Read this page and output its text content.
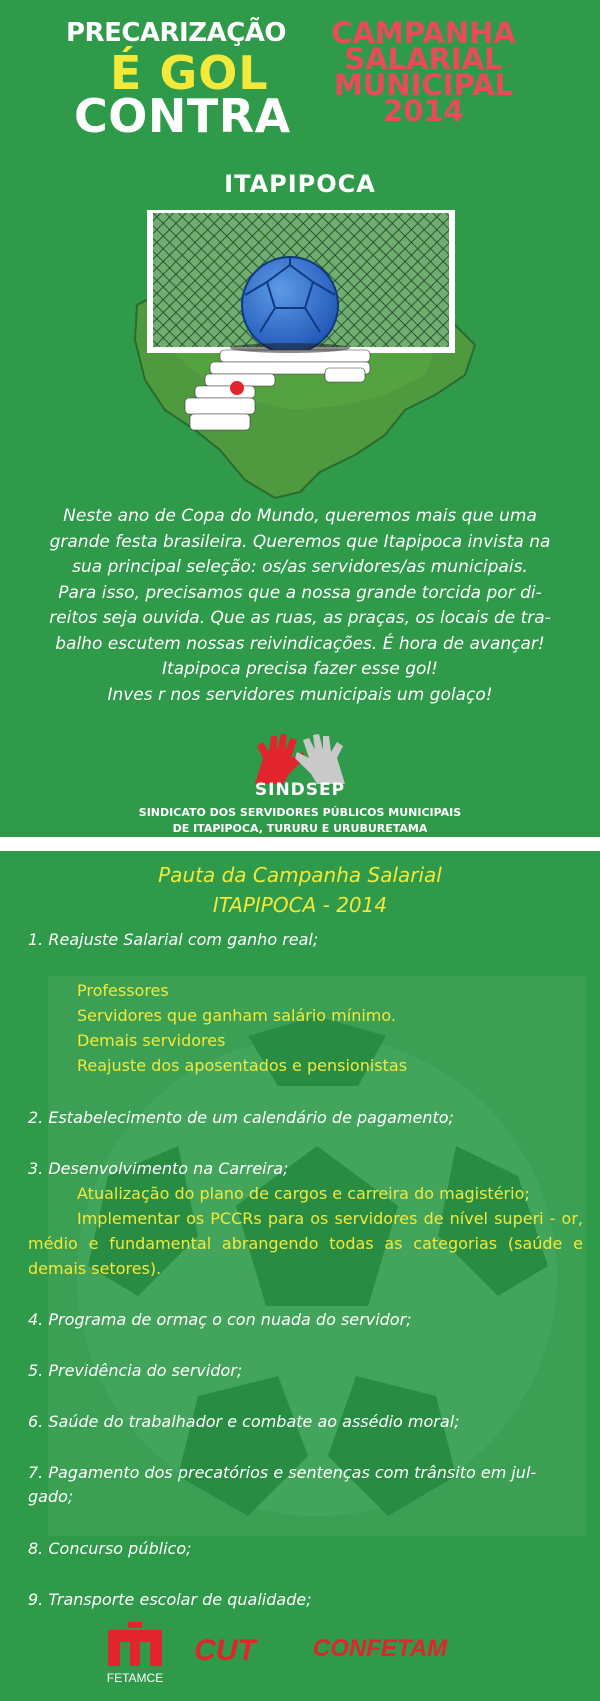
PRECARIZAÇÃO
É GOL
CONTRA
CAMPANHA
SALARIAL
MUNICIPAL
2014
ITAPIPOCA
Neste ano de Copa do Mundo, queremos mais que uma
grande festa brasileira. Queremos que Itapipoca invista na
sua principal seleção: os/as servidores/as municipais.
Para isso, precisamos que a nossa grande torcida por di-
reitos seja ouvida. Que as ruas, as praças, os locais de tra-
balho escutem nossas reivindicações. É hora de avançar!
Itapipoca precisa fazer esse gol!
Inves r nos servidores municipais um golaço!
SINDSEP
SINDICATO DOS SERVIDORES PÚBLICOS MUNICIPAIS
DE ITAPIPOCA, TURURU E URUBURETAMA
Pauta da Campanha Salarial
ITAPIPOCA - 2014
1. Reajuste Salarial com ganho real;
Professores
Servidores que ganham salário mínimo.
Demais servidores
Reajuste dos aposentados e pensionistas
2. Estabelecimento de um calendário de pagamento;
3. Desenvolvimento na Carreira;
Atualização do plano de cargos e carreira do magistério;
Implementar os PCCRs para os servidores de nível superi - or, médio e fundamental abrangendo todas as categorias (saúde e demais setores).
4. Programa de ormaç o con nuada do servidor;
5. Previdência do servidor;
6. Saúde do trabalhador e combate ao assédio moral;
7. Pagamento dos precatórios e sentenças com trânsito em jul- gado;
8. Concurso público;
9. Transporte escolar de qualidade;
FETAMCE
CUT CONFETAM
